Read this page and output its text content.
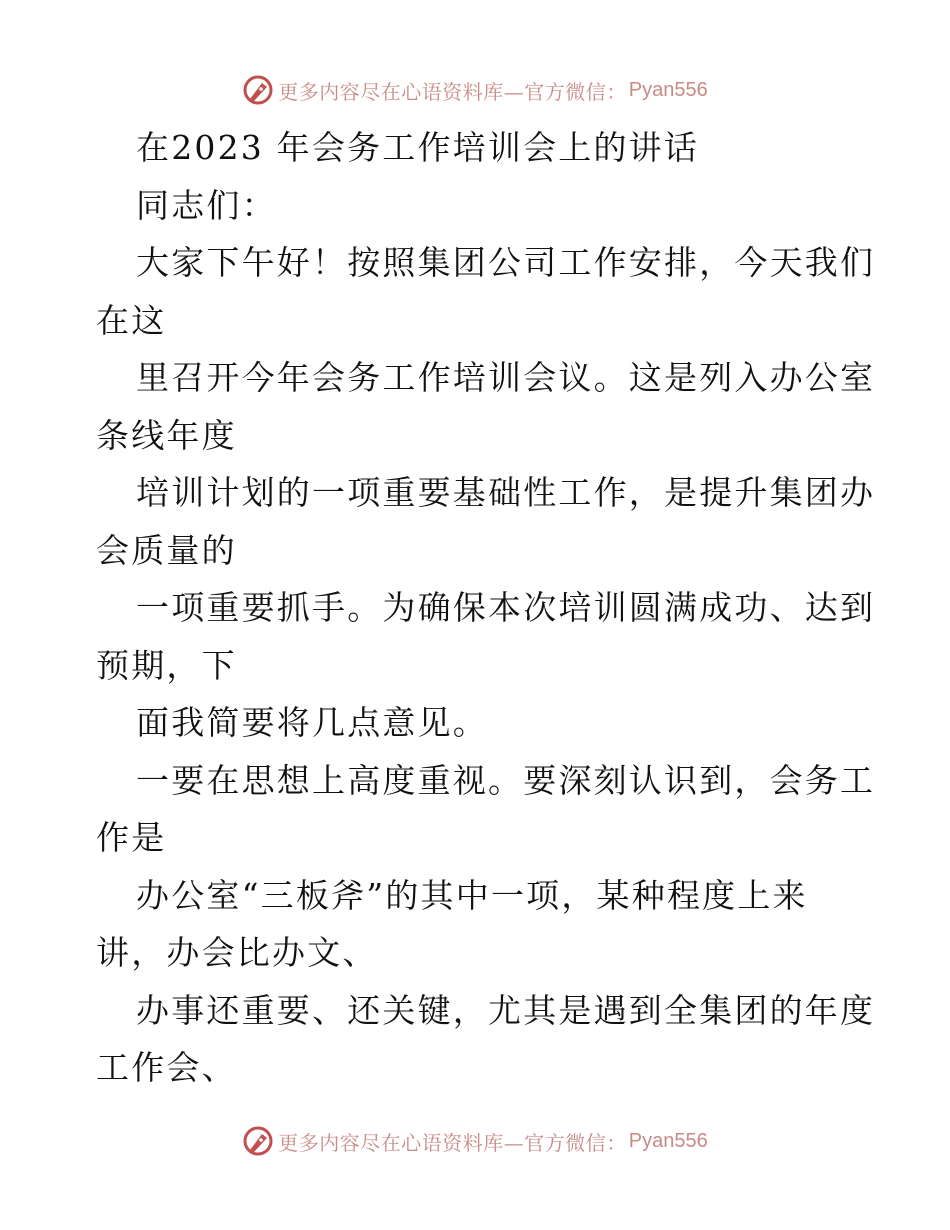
更多内容尽在心语资料库—官方微信： Pyan556

在2023 年会务工作培训会上的讲话

同志们：

大家下午好！按照集团公司工作安排，今天我们

在这

里召开今年会务工作培训会议。这是列入办公室

条线年度

培训计划的一项重要基础性工作，是提升集团办

会质量的

一项重要抓手。为确保本次培训圆满成功、达到

预期，下

面我简要将几点意见。

一要在思想上高度重视。要深刻认识到，会务工

作是

办公室“三板斧”的其中一项，某种程度上来

讲，办会比办文、

办事还重要、还关键，尤其是遇到全集团的年度

工作会、

更多内容尽在心语资料库—官方微信： Pyan556
